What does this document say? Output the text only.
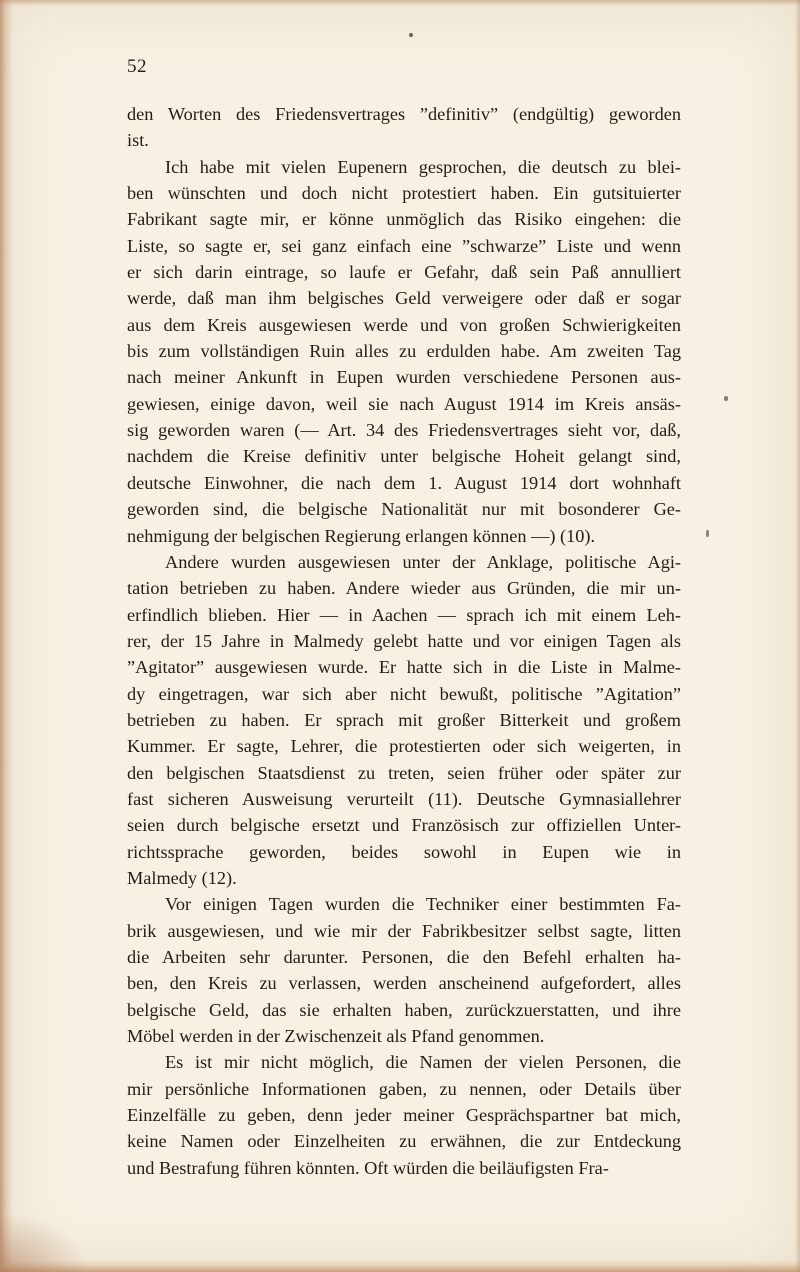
52
den Worten des Friedensvertrages ”definitiv” (endgültig) geworden
ist.
Ich habe mit vielen Eupenern gesprochen, die deutsch zu blei-
ben wünschten und doch nicht protestiert haben. Ein gutsituierter
Fabrikant sagte mir, er könne unmöglich das Risiko eingehen: die
Liste, so sagte er, sei ganz einfach eine ”schwarze” Liste und wenn
er sich darin eintrage, so laufe er Gefahr, daß sein Paß annulliert
werde, daß man ihm belgisches Geld verweigere oder daß er sogar
aus dem Kreis ausgewiesen werde und von großen Schwierigkeiten
bis zum vollständigen Ruin alles zu erdulden habe. Am zweiten Tag
nach meiner Ankunft in Eupen wurden verschiedene Personen aus-
gewiesen, einige davon, weil sie nach August 1914 im Kreis ansäs-
sig geworden waren (— Art. 34 des Friedensvertrages sieht vor, daß,
nachdem die Kreise definitiv unter belgische Hoheit gelangt sind,
deutsche Einwohner, die nach dem 1. August 1914 dort wohnhaft
geworden sind, die belgische Nationalität nur mit bosonderer Ge-
nehmigung der belgischen Regierung erlangen können —) (10).
Andere wurden ausgewiesen unter der Anklage, politische Agi-
tation betrieben zu haben. Andere wieder aus Gründen, die mir un-
erfindlich blieben. Hier — in Aachen — sprach ich mit einem Leh-
rer, der 15 Jahre in Malmedy gelebt hatte und vor einigen Tagen als
”Agitator” ausgewiesen wurde. Er hatte sich in die Liste in Malme-
dy eingetragen, war sich aber nicht bewußt, politische ”Agitation”
betrieben zu haben. Er sprach mit großer Bitterkeit und großem
Kummer. Er sagte, Lehrer, die protestierten oder sich weigerten, in
den belgischen Staatsdienst zu treten, seien früher oder später zur
fast sicheren Ausweisung verurteilt (11). Deutsche Gymnasiallehrer
seien durch belgische ersetzt und Französisch zur offiziellen Unter-
richtssprache geworden, beides sowohl in Eupen wie in
Malmedy (12).
Vor einigen Tagen wurden die Techniker einer bestimmten Fa-
brik ausgewiesen, und wie mir der Fabrikbesitzer selbst sagte, litten
die Arbeiten sehr darunter. Personen, die den Befehl erhalten ha-
ben, den Kreis zu verlassen, werden anscheinend aufgefordert, alles
belgische Geld, das sie erhalten haben, zurückzuerstatten, und ihre
Möbel werden in der Zwischenzeit als Pfand genommen.
Es ist mir nicht möglich, die Namen der vielen Personen, die
mir persönliche Informationen gaben, zu nennen, oder Details über
Einzelfälle zu geben, denn jeder meiner Gesprächspartner bat mich,
keine Namen oder Einzelheiten zu erwähnen, die zur Entdeckung
und Bestrafung führen könnten. Oft würden die beiläufigsten Fra-
